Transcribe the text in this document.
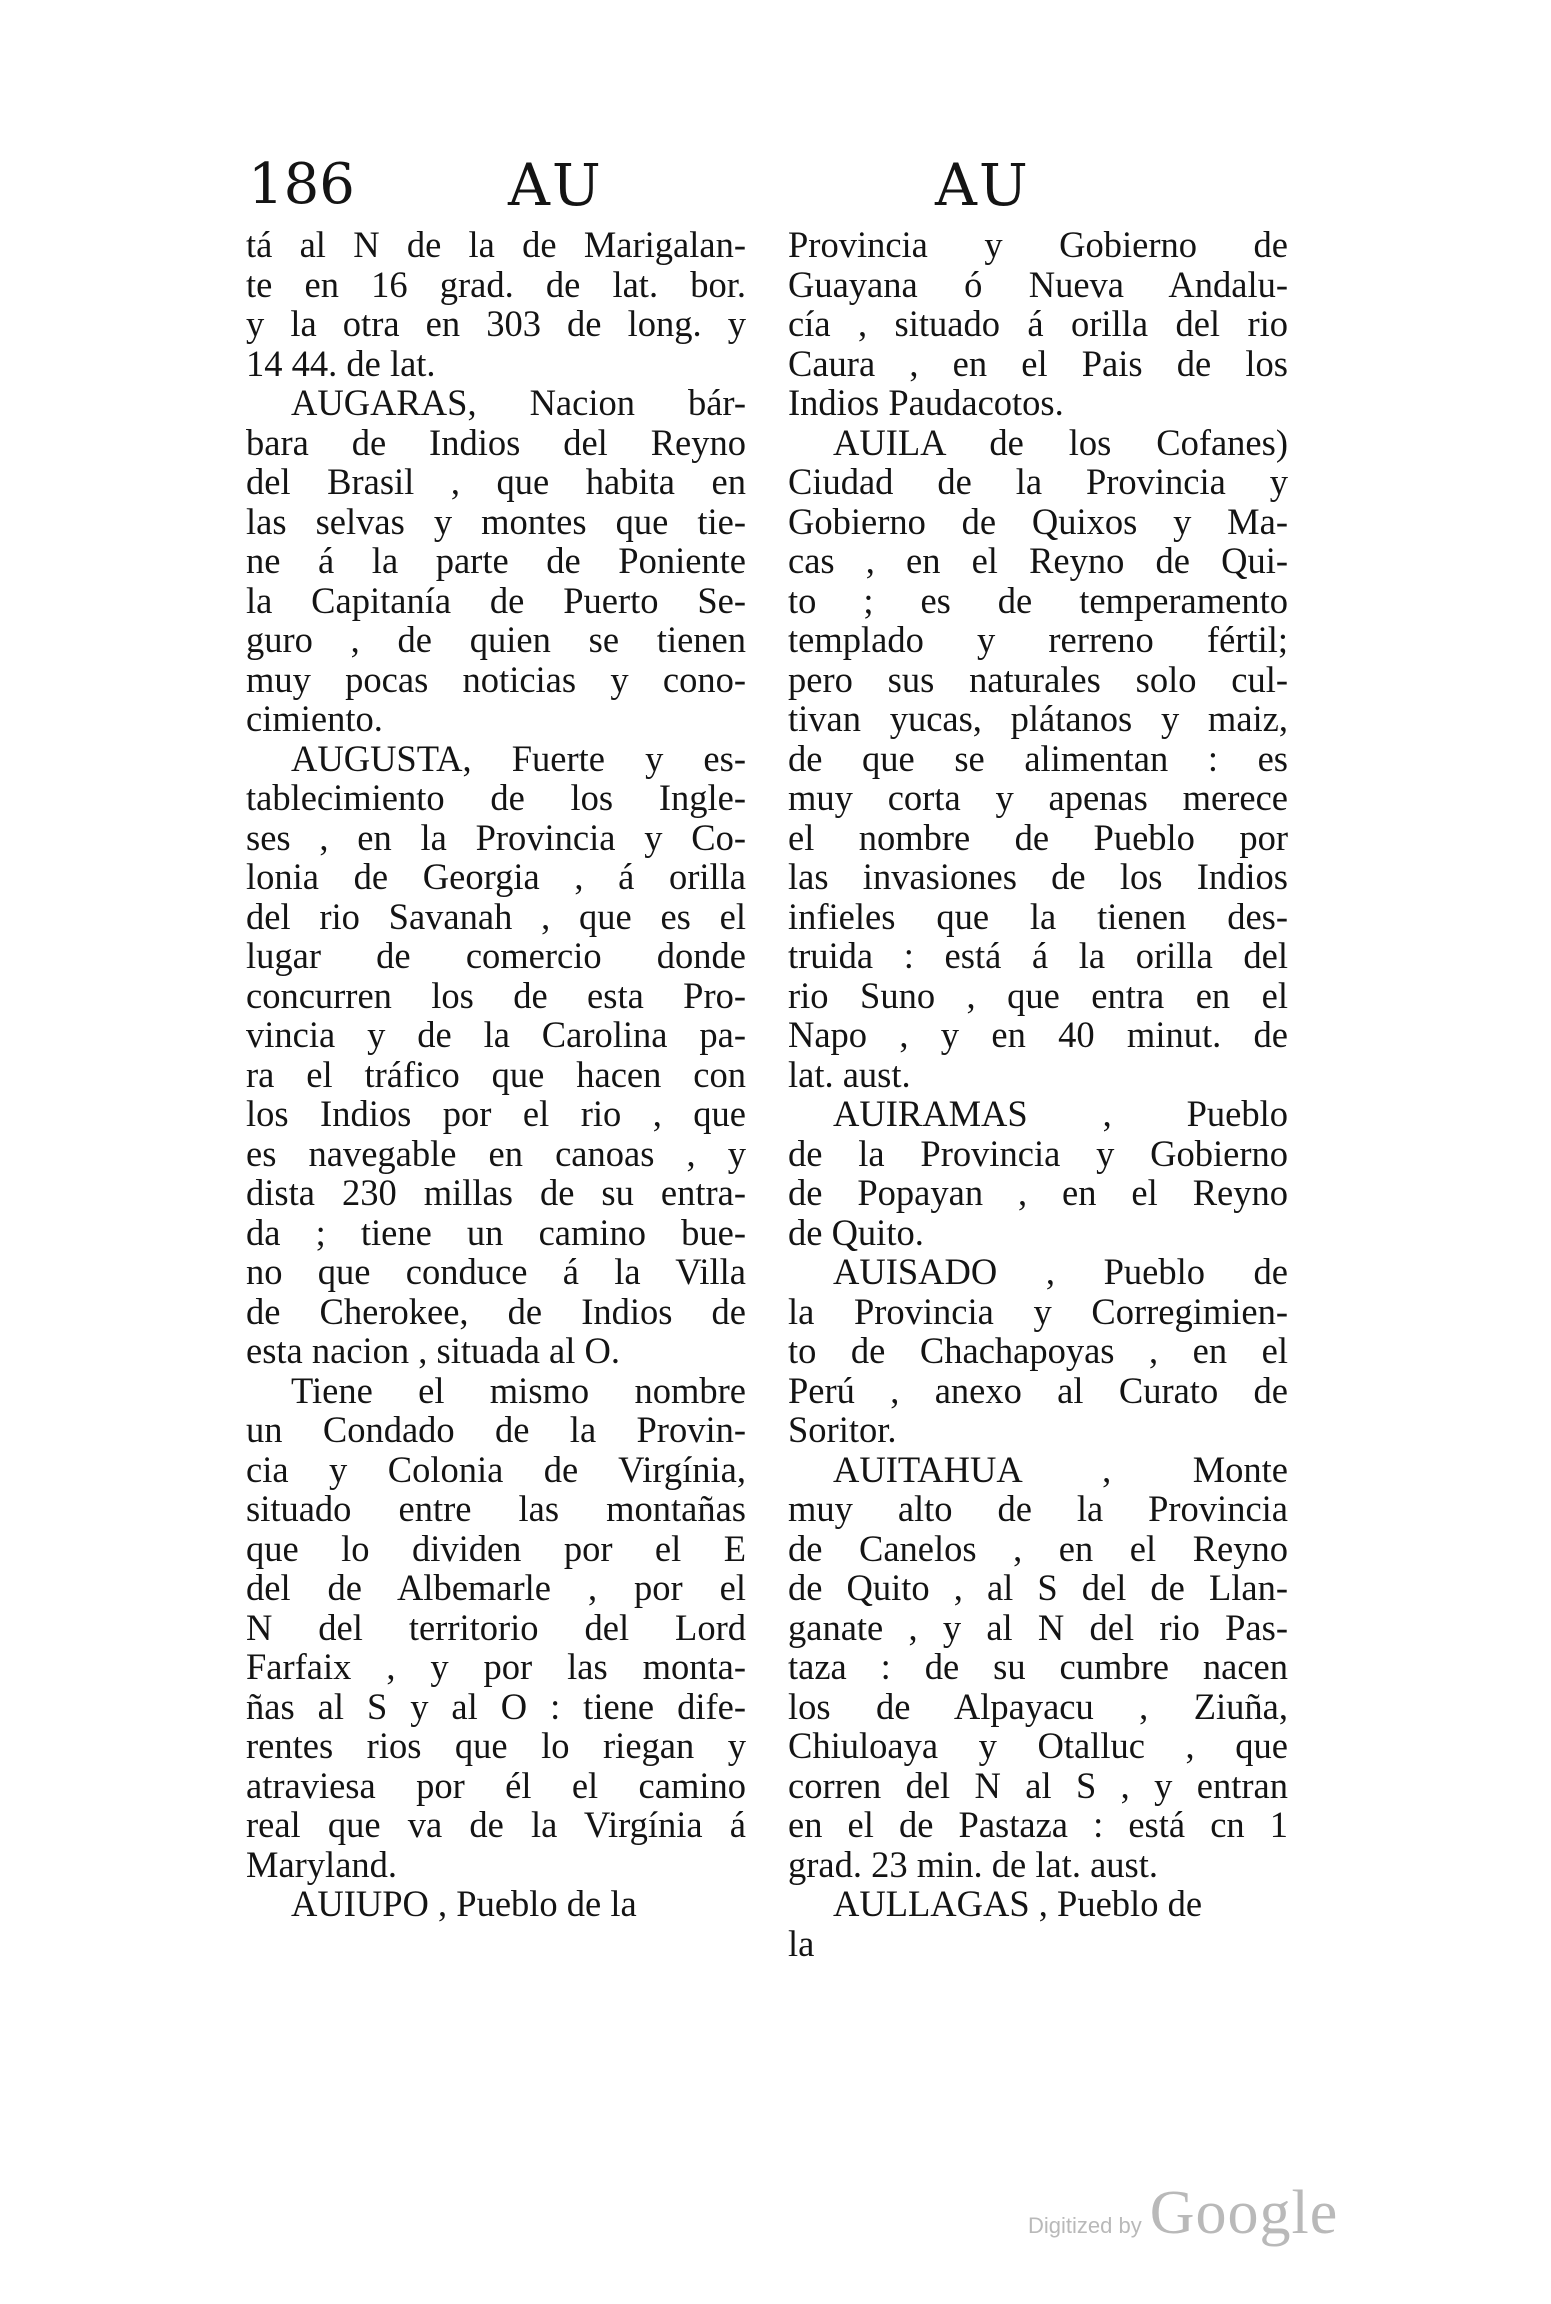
186	AU	AU
tá al N de la de Marigalan-
te en 16 grad. de lat. bor.
y la otra en 303 de long. y
14 44. de lat.
AUGARAS, Nacion bár-
bara de Indios del Reyno
del Brasil , que habita en
las selvas y montes que tie-
ne á la parte de Poniente
la Capitanía de Puerto Se-
guro , de quien se tienen
muy pocas noticias y cono-
cimiento.
AUGUSTA, Fuerte y es-
tablecimiento de los Ingle-
ses , en la Provincia y Co-
lonia de Georgia , á orilla
del rio Savanah , que es el
lugar de comercio donde
concurren los de esta Pro-
vincia y de la Carolina pa-
ra el tráfico que hacen con
los Indios por el rio , que
es navegable en canoas , y
dista 230 millas de su entra-
da ; tiene un camino bue-
no que conduce á la Villa
de Cherokee, de Indios de
esta nacion , situada al O.
Tiene el mismo nombre
un Condado de la Provin-
cia y Colonia de Virgínia,
situado entre las montañas
que lo dividen por el E
del de Albemarle , por el
N del territorio del Lord
Farfaix , y por las monta-
ñas al S y al O : tiene dife-
rentes rios que lo riegan y
atraviesa por él el camino
real que va de la Virgínia á
Maryland.
AUIUPO , Pueblo de la
Provincia y Gobierno de
Guayana ó Nueva Andalu-
cía , situado á orilla del rio
Caura , en el Pais de los
Indios Paudacotos.
AUILA de los Cofanes)
Ciudad de la Provincia y
Gobierno de Quixos y Ma-
cas , en el Reyno de Qui-
to ; es de temperamento
templado y rerreno fértil;
pero sus naturales solo cul-
tivan yucas, plátanos y maiz,
de que se alimentan : es
muy corta y apenas merece
el nombre de Pueblo por
las invasiones de los Indios
infieles que la tienen des-
truida : está á la orilla del
rio Suno , que entra en el
Napo , y en 40 minut. de
lat. aust.
AUIRAMAS , Pueblo
de la Provincia y Gobierno
de Popayan , en el Reyno
de Quito.
AUISADO , Pueblo de
la Provincia y Corregimien-
to de Chachapoyas , en el
Perú , anexo al Curato de
Soritor.
AUITAHUA , Monte
muy alto de la Provincia
de Canelos , en el Reyno
de Quito , al S del de Llan-
ganate , y al N del rio Pas-
taza : de su cumbre nacen
los de Alpayacu , Ziuña,
Chiuloaya y Otalluc , que
corren del N al S , y entran
en el de Pastaza : está cn 1
grad. 23 min. de lat. aust.
AULLAGAS , Pueblo de
la
Digitized by Google
